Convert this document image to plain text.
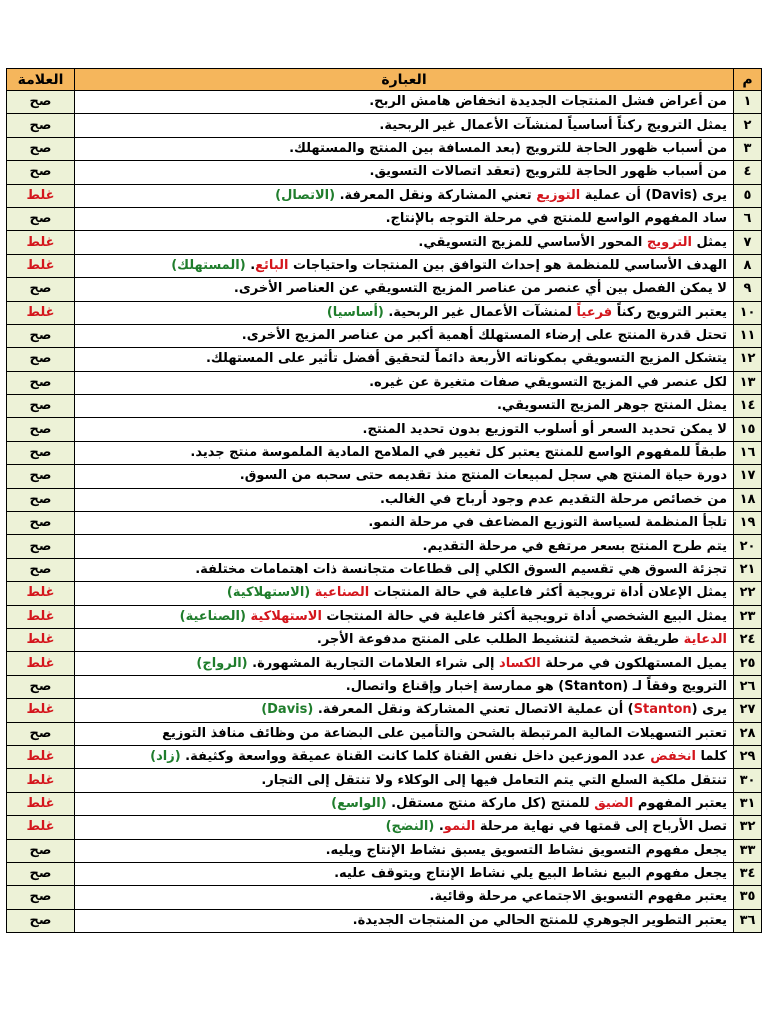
م	العبارة	العلامة
١	من أعراض فشل المنتجات الجديدة انخفاض هامش الربح.	صح
٢	يمثل الترويج ركناً أساسياً لمنشآت الأعمال غير الربحية.	صح
٣	من أسباب ظهور الحاجة للترويج (بعد المسافة بين المنتج والمستهلك.	صح
٤	من أسباب ظهور الحاجة للترويج (تعقد اتصالات التسويق.	صح
٥	يرى (Davis) أن عملية التوزيع تعني المشاركة ونقل المعرفة. (الاتصال)	غلط
٦	ساد المفهوم الواسع للمنتج في مرحلة التوجه بالإنتاج.	صح
٧	يمثل الترويج المحور الأساسي للمزيج التسويقي.	غلط
٨	الهدف الأساسي للمنظمة هو إحداث التوافق بين المنتجات واحتياجات البائع. (المستهلك)	غلط
٩	لا يمكن الفصل بين أي عنصر من عناصر المزيج التسويقي عن العناصر الأخرى.	صح
١٠	يعتبر الترويج ركناً فرعياً لمنشآت الأعمال غير الربحية. (أساسيا)	غلط
١١	تحتل قدرة المنتج على إرضاء المستهلك أهمية أكبر من عناصر المزيج الأخرى.	صح
١٢	يتشكل المزيج التسويقي بمكوناته الأربعة دائماً لتحقيق أفضل تأثير على المستهلك.	صح
١٣	لكل عنصر في المزيج التسويقي صفات متغيرة عن غيره.	صح
١٤	يمثل المنتج جوهر المزيج التسويقي.	صح
١٥	لا يمكن تحديد السعر أو أسلوب التوزيع بدون تحديد المنتج.	صح
١٦	طبقاً للمفهوم الواسع للمنتج يعتبر كل تغيير في الملامح المادية الملموسة منتج جديد.	صح
١٧	دورة حياة المنتج هي سجل لمبيعات المنتج منذ تقديمه حتى سحبه من السوق.	صح
١٨	من خصائص مرحلة التقديم عدم وجود أرباح في الغالب.	صح
١٩	تلجأ المنظمة لسياسة التوزيع المضاعف في مرحلة النمو.	صح
٢٠	يتم طرح المنتج بسعر مرتفع في مرحلة التقديم.	صح
٢١	تجزئة السوق هي تقسيم السوق الكلي إلى قطاعات متجانسة ذات اهتمامات مختلفة.	صح
٢٢	يمثل الإعلان أداة ترويجية أكثر فاعلية في حالة المنتجات الصناعية (الاستهلاكية)	غلط
٢٣	يمثل البيع الشخصي أداة ترويجية أكثر فاعلية في حالة المنتجات الاستهلاكية (الصناعية)	غلط
٢٤	الدعاية طريقة شخصية لتنشيط الطلب على المنتج مدفوعة الأجر.	غلط
٢٥	يميل المستهلكون في مرحلة الكساد إلى شراء العلامات التجارية المشهورة. (الرواج)	غلط
٢٦	الترويج وفقاً لـ (Stanton) هو ممارسة إخبار وإقناع واتصال.	صح
٢٧	يرى (Stanton) أن عملية الاتصال تعني المشاركة ونقل المعرفة. (Davis)	غلط
٢٨	تعتبر التسهيلات المالية المرتبطة بالشحن والتأمين على البضاعة من وظائف منافذ التوزيع	صح
٢٩	كلما انخفض عدد الموزعين داخل نفس القناة كلما كانت القناة عميقة وواسعة وكثيفة. (زاد)	غلط
٣٠	تنتقل ملكية السلع التي يتم التعامل فيها إلى الوكلاء ولا تنتقل إلى التجار.	غلط
٣١	يعتبر المفهوم الضيق للمنتج (كل ماركة منتج مستقل. (الواسع)	غلط
٣٢	تصل الأرباح إلى قمتها في نهاية مرحلة النمو. (النضج)	غلط
٣٣	يجعل مفهوم التسويق نشاط التسويق يسبق نشاط الإنتاج ويليه.	صح
٣٤	يجعل مفهوم البيع نشاط البيع يلي نشاط الإنتاج ويتوقف عليه.	صح
٣٥	يعتبر مفهوم التسويق الاجتماعي مرحلة وقائية.	صح
٣٦	يعتبر التطوير الجوهري للمنتج الحالي من المنتجات الجديدة.	صح
